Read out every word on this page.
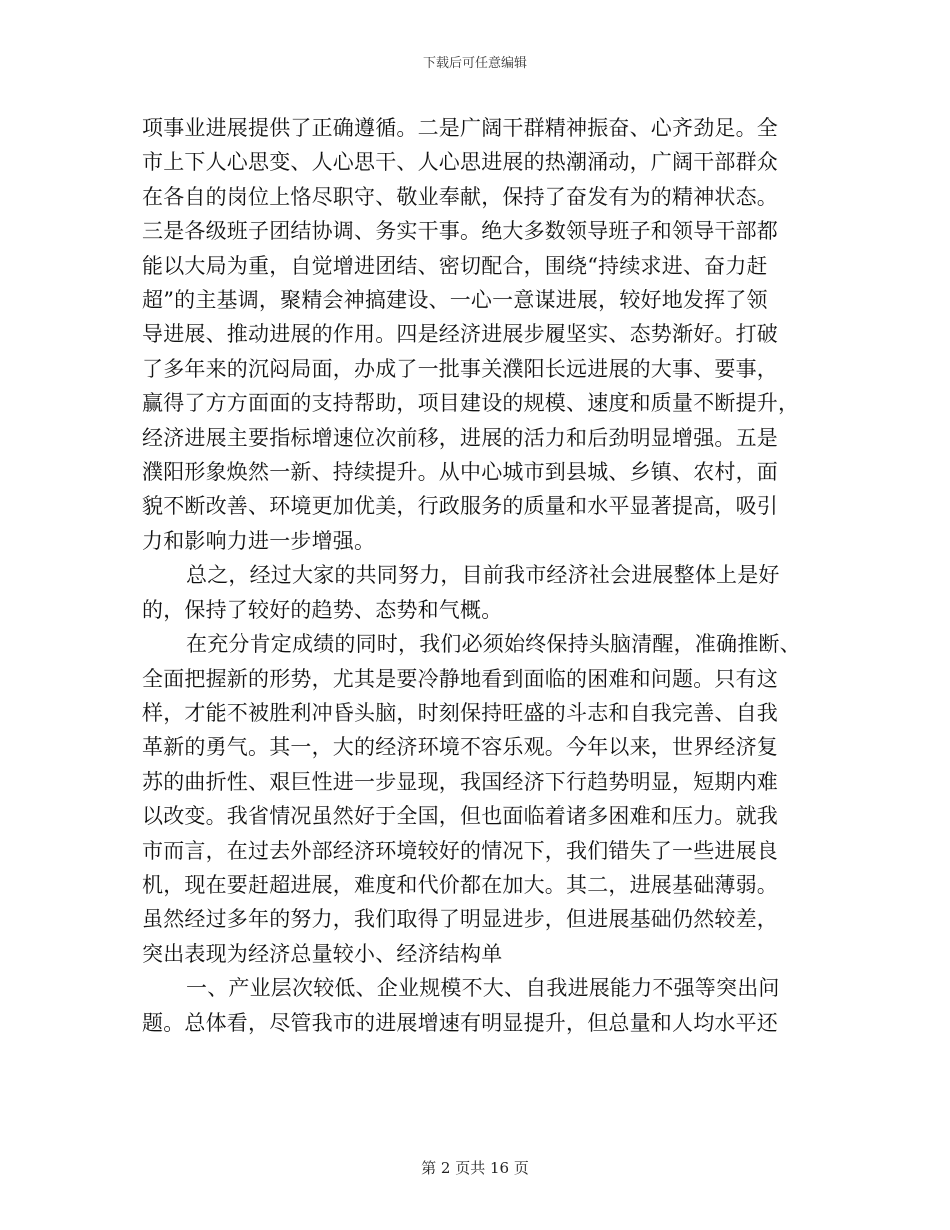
下载后可任意编辑

项事业进展提供了正确遵循。二是广阔干群精神振奋、心齐劲足。全
市上下人心思变、人心思干、人心思进展的热潮涌动，广阔干部群众
在各自的岗位上恪尽职守、敬业奉献，保持了奋发有为的精神状态。
三是各级班子团结协调、务实干事。绝大多数领导班子和领导干部都
能以大局为重，自觉增进团结、密切配合，围绕“持续求进、奋力赶
超”的主基调，聚精会神搞建设、一心一意谋进展，较好地发挥了领
导进展、推动进展的作用。四是经济进展步履坚实、态势渐好。打破
了多年来的沉闷局面，办成了一批事关濮阳长远进展的大事、要事，
赢得了方方面面的支持帮助，项目建设的规模、速度和质量不断提升，
经济进展主要指标增速位次前移，进展的活力和后劲明显增强。五是
濮阳形象焕然一新、持续提升。从中心城市到县城、乡镇、农村，面
貌不断改善、环境更加优美，行政服务的质量和水平显著提高，吸引
力和影响力进一步增强。

总之，经过大家的共同努力，目前我市经济社会进展整体上是好
的，保持了较好的趋势、态势和气概。

在充分肯定成绩的同时，我们必须始终保持头脑清醒，准确推断、
全面把握新的形势，尤其是要冷静地看到面临的困难和问题。只有这
样，才能不被胜利冲昏头脑，时刻保持旺盛的斗志和自我完善、自我
革新的勇气。其一，大的经济环境不容乐观。今年以来，世界经济复
苏的曲折性、艰巨性进一步显现，我国经济下行趋势明显，短期内难
以改变。我省情况虽然好于全国，但也面临着诸多困难和压力。就我
市而言，在过去外部经济环境较好的情况下，我们错失了一些进展良
机，现在要赶超进展，难度和代价都在加大。其二，进展基础薄弱。
虽然经过多年的努力，我们取得了明显进步，但进展基础仍然较差，
突出表现为经济总量较小、经济结构单

一、产业层次较低、企业规模不大、自我进展能力不强等突出问
题。总体看，尽管我市的进展增速有明显提升，但总量和人均水平还

第 2 页共 16 页
